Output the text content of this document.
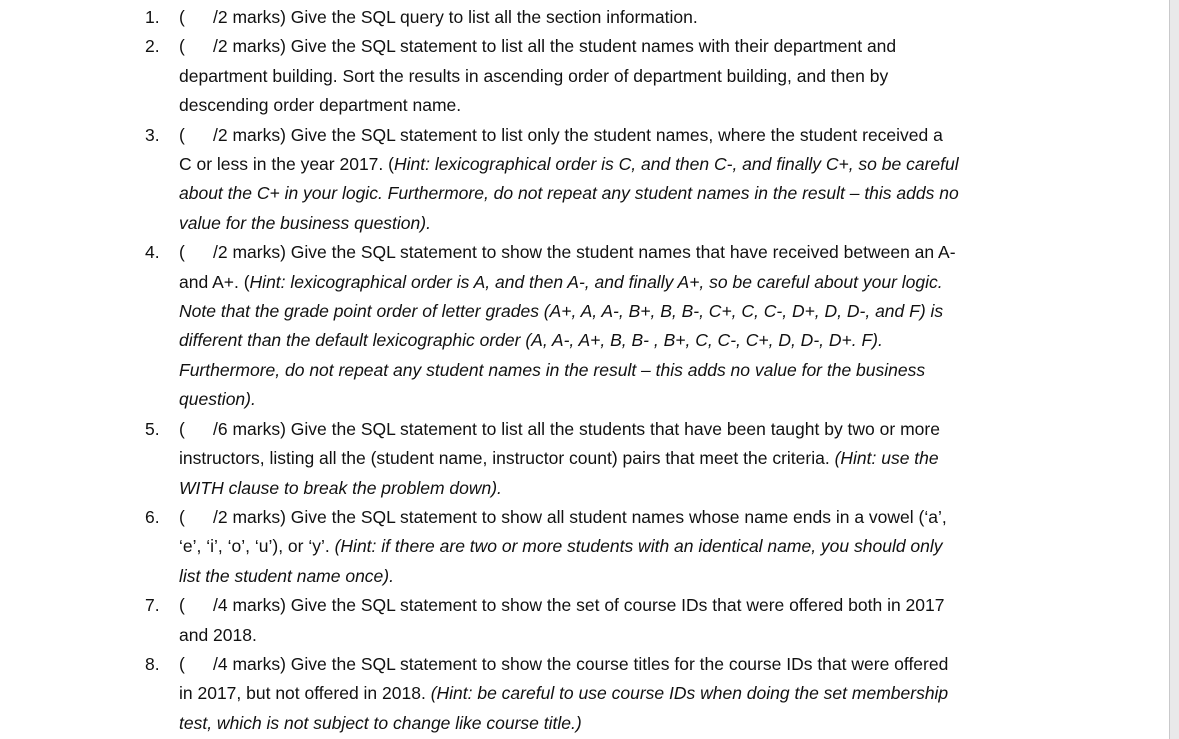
1. ( /2 marks) Give the SQL query to list all the section information.
2. ( /2 marks) Give the SQL statement to list all the student names with their department and
department building. Sort the results in ascending order of department building, and then by
descending order department name.
3. ( /2 marks) Give the SQL statement to list only the student names, where the student received a
C or less in the year 2017. (Hint: lexicographical order is C, and then C-, and finally C+, so be careful
about the C+ in your logic. Furthermore, do not repeat any student names in the result – this adds no
value for the business question).
4. ( /2 marks) Give the SQL statement to show the student names that have received between an A-
and A+. (Hint: lexicographical order is A, and then A-, and finally A+, so be careful about your logic.
Note that the grade point order of letter grades (A+, A, A-, B+, B, B-, C+, C, C-, D+, D, D-, and F) is
different than the default lexicographic order (A, A-, A+, B, B- , B+, C, C-, C+, D, D-, D+. F).
Furthermore, do not repeat any student names in the result – this adds no value for the business
question).
5. ( /6 marks) Give the SQL statement to list all the students that have been taught by two or more
instructors, listing all the (student name, instructor count) pairs that meet the criteria. (Hint: use the
WITH clause to break the problem down).
6. ( /2 marks) Give the SQL statement to show all student names whose name ends in a vowel (‘a’,
‘e’, ‘i’, ‘o’, ‘u’), or ‘y’. (Hint: if there are two or more students with an identical name, you should only
list the student name once).
7. ( /4 marks) Give the SQL statement to show the set of course IDs that were offered both in 2017
and 2018.
8. ( /4 marks) Give the SQL statement to show the course titles for the course IDs that were offered
in 2017, but not offered in 2018. (Hint: be careful to use course IDs when doing the set membership
test, which is not subject to change like course title.)
